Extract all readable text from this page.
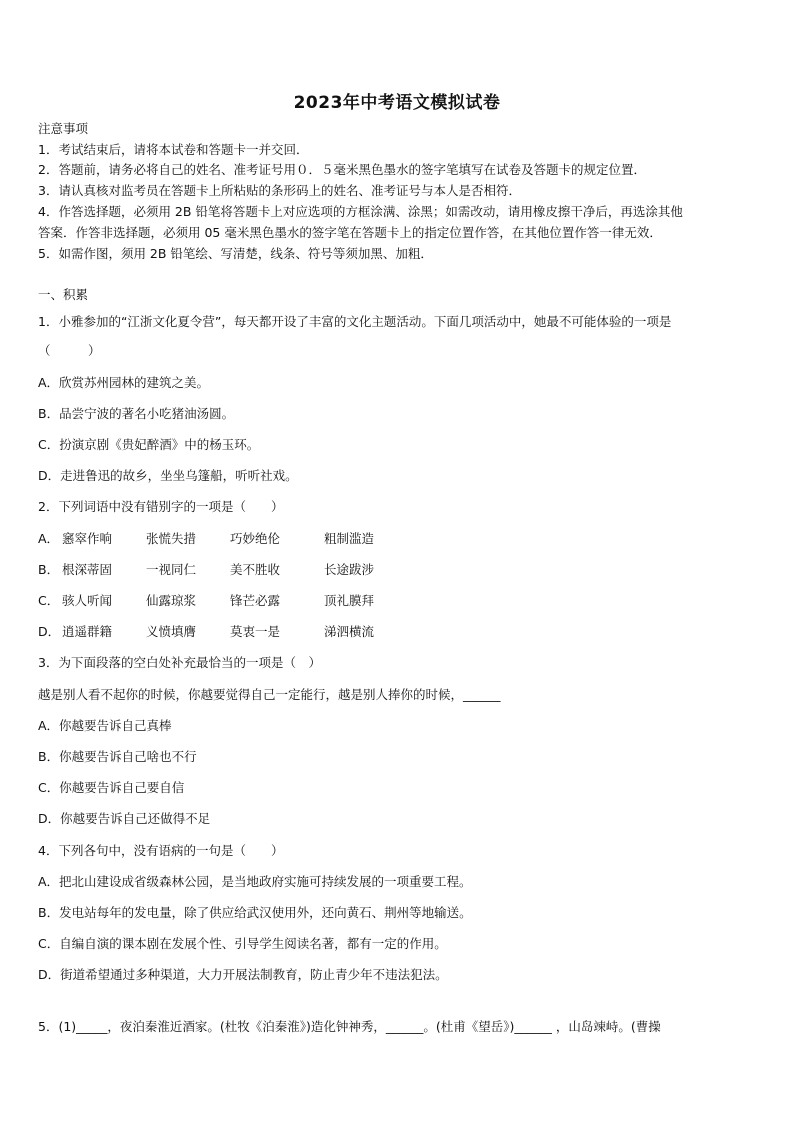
2023年中考语文模拟试卷
注意事项
1．考试结束后，请将本试卷和答题卡一并交回．
2．答题前，请务必将自己的姓名、准考证号用０．５毫米黑色墨水的签字笔填写在试卷及答题卡的规定位置．
3．请认真核对监考员在答题卡上所粘贴的条形码上的姓名、准考证号与本人是否相符．
4．作答选择题，必须用 2B 铅笔将答题卡上对应选项的方框涂满、涂黑；如需改动，请用橡皮擦干净后，再选涂其他
答案．作答非选择题，必须用 05 毫米黑色墨水的签字笔在答题卡上的指定位置作答，在其他位置作答一律无效．
5．如需作图，须用 2B 铅笔绘、写清楚，线条、符号等须加黑、加粗．
一、积累
1．小雅参加的“江浙文化夏令营”，每天都开设了丰富的文化主题活动。下面几项活动中，她最不可能体验的一项是
（　　　）
A．欣赏苏州园林的建筑之美。
B．品尝宁波的著名小吃猪油汤圆。
C．扮演京剧《贵妃醉酒》中的杨玉环。
D．走进鲁迅的故乡，坐坐乌篷船，听听社戏。
2．下列词语中没有错别字的一项是（　　）
A． 窸窣作响	张慌失措	巧妙绝伦	粗制滥造
B． 根深蒂固	一视同仁	美不胜收	长途跋涉
C． 骇人听闻	仙露琼浆	锋芒必露	顶礼膜拜
D． 逍遥群籍	义愤填膺	莫衷一是	涕泗横流
3．为下面段落的空白处补充最恰当的一项是（　）
越是别人看不起你的时候，你越要觉得自己一定能行，越是别人捧你的时候，______
A．你越要告诉自己真棒
B．你越要告诉自己啥也不行
C．你越要告诉自己要自信
D．你越要告诉自己还做得不足
4．下列各句中，没有语病的一句是（　　）
A．把北山建设成省级森林公园，是当地政府实施可持续发展的一项重要工程。
B．发电站每年的发电量，除了供应给武汉使用外，还向黄石、荆州等地输送。
C．自编自演的课本剧在发展个性、引导学生阅读名著，都有一定的作用。
D．街道希望通过多种渠道，大力开展法制教育，防止青少年不违法犯法。
5．(1)_____，夜泊秦淮近酒家。(杜牧《泊秦淮》)造化钟神秀，______。(杜甫《望岳》)______ ，山岛竦峙。(曹操
